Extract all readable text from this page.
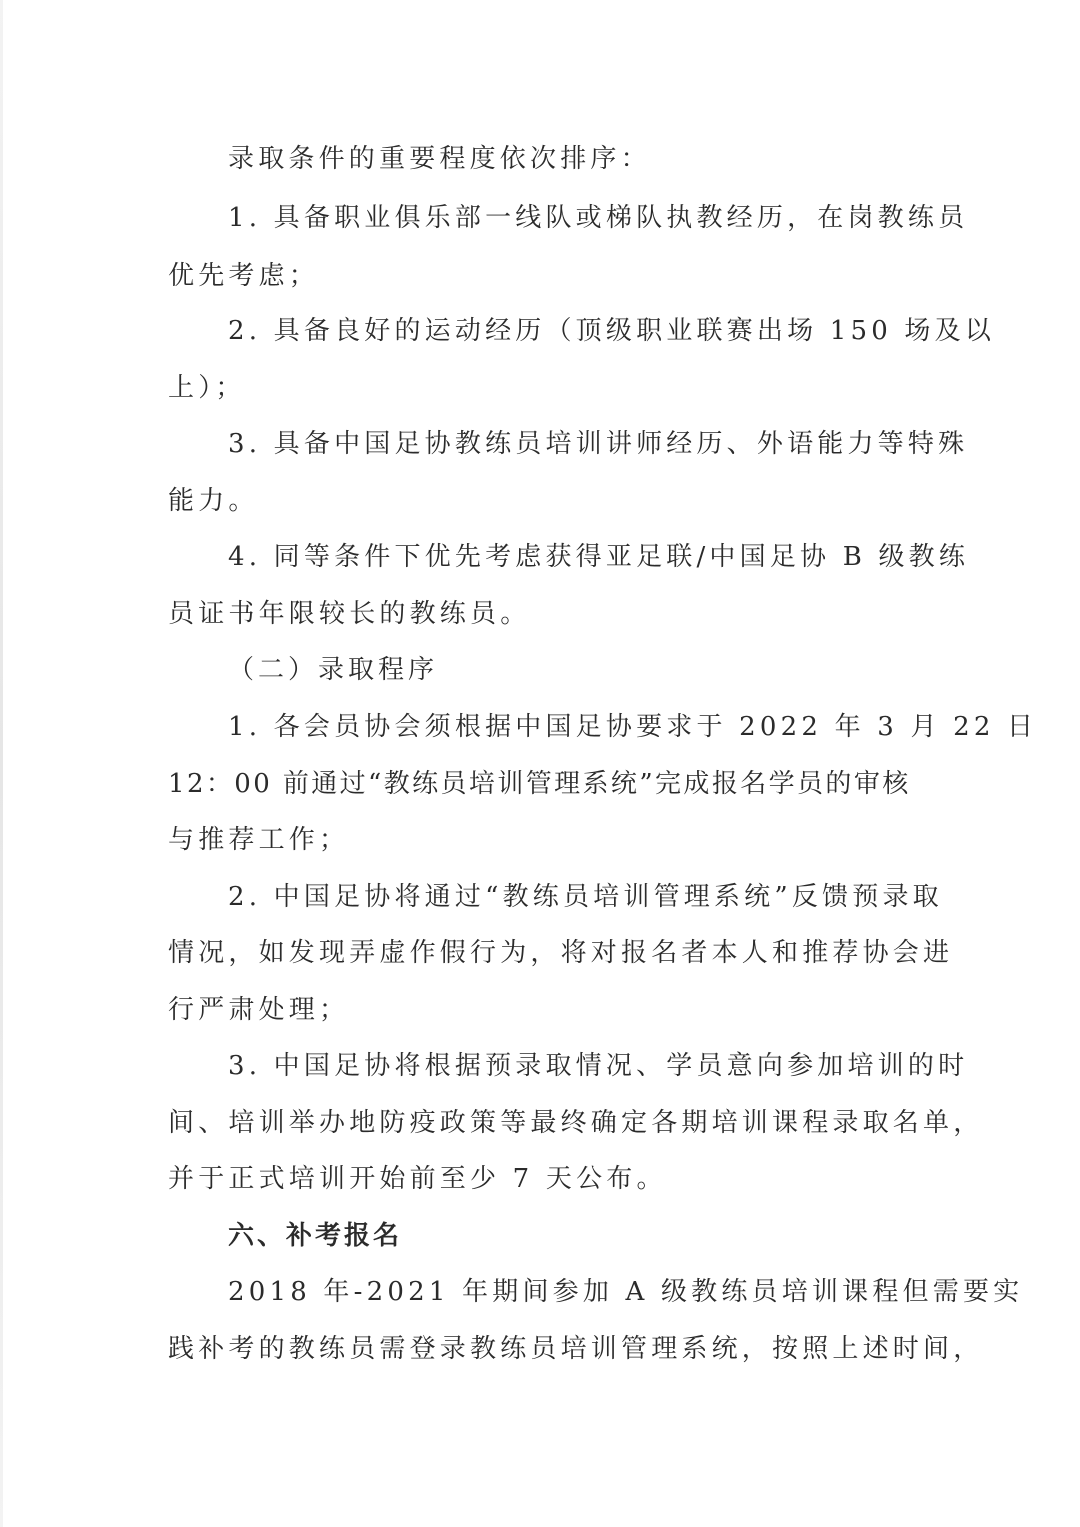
录取条件的重要程度依次排序：
1. 具备职业俱乐部一线队或梯队执教经历，在岗教练员
优先考虑；
2. 具备良好的运动经历（顶级职业联赛出场 150 场及以
上）；
3. 具备中国足协教练员培训讲师经历、外语能力等特殊
能力。
4. 同等条件下优先考虑获得亚足联/中国足协 B 级教练
员证书年限较长的教练员。
（二）录取程序
1. 各会员协会须根据中国足协要求于 2022 年 3 月 22 日
12：00 前通过“教练员培训管理系统”完成报名学员的审核
与推荐工作；
2. 中国足协将通过“教练员培训管理系统”反馈预录取
情况，如发现弄虚作假行为，将对报名者本人和推荐协会进
行严肃处理；
3. 中国足协将根据预录取情况、学员意向参加培训的时
间、培训举办地防疫政策等最终确定各期培训课程录取名单，
并于正式培训开始前至少 7 天公布。
六、补考报名
2018 年-2021 年期间参加 A 级教练员培训课程但需要实
践补考的教练员需登录教练员培训管理系统，按照上述时间，
